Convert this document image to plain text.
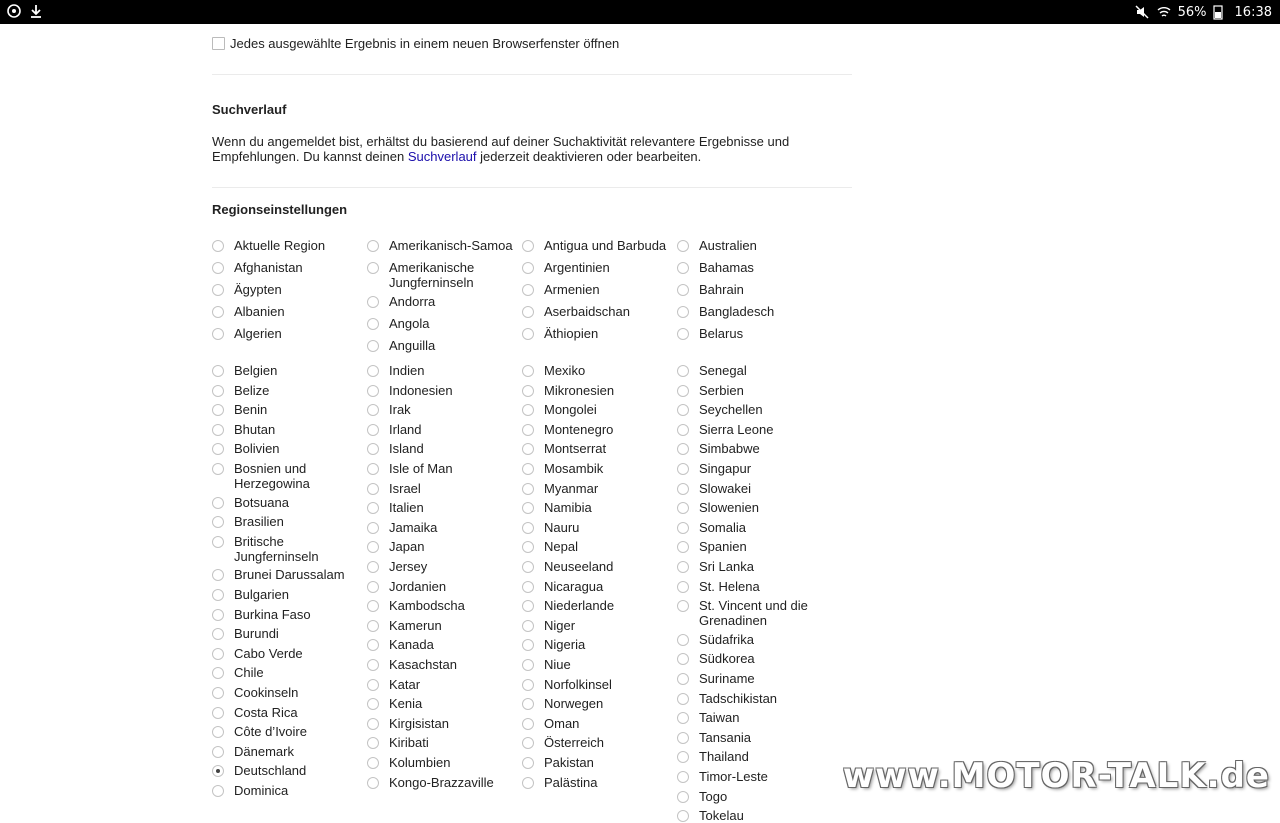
56% 16:38
Jedes ausgewählte Ergebnis in einem neuen Browserfenster öffnen
Suchverlauf
Wenn du angemeldet bist, erhältst du basierend auf deiner Suchaktivität relevantere Ergebnisse und Empfehlungen. Du kannst deinen Suchverlauf jederzeit deaktivieren oder bearbeiten.
Regionseinstellungen
Aktuelle Region
Afghanistan
Ägypten
Albanien
Algerien
Amerikanisch-Samoa
Amerikanische Jungferninseln
Andorra
Angola
Anguilla
Antigua und Barbuda
Argentinien
Armenien
Aserbaidschan
Äthiopien
Australien
Bahamas
Bahrain
Bangladesch
Belarus
Belgien
Belize
Benin
Bhutan
Bolivien
Bosnien und Herzegowina
Botsuana
Brasilien
Britische Jungferninseln
Brunei Darussalam
Bulgarien
Burkina Faso
Burundi
Cabo Verde
Chile
Cookinseln
Costa Rica
Côte d’Ivoire
Dänemark
Deutschland
Dominica
Indien
Indonesien
Irak
Irland
Island
Isle of Man
Israel
Italien
Jamaika
Japan
Jersey
Jordanien
Kambodscha
Kamerun
Kanada
Kasachstan
Katar
Kenia
Kirgisistan
Kiribati
Kolumbien
Kongo-Brazzaville
Mexiko
Mikronesien
Mongolei
Montenegro
Montserrat
Mosambik
Myanmar
Namibia
Nauru
Nepal
Neuseeland
Nicaragua
Niederlande
Niger
Nigeria
Niue
Norfolkinsel
Norwegen
Oman
Österreich
Pakistan
Palästina
Senegal
Serbien
Seychellen
Sierra Leone
Simbabwe
Singapur
Slowakei
Slowenien
Somalia
Spanien
Sri Lanka
St. Helena
St. Vincent und die Grenadinen
Südafrika
Südkorea
Suriname
Tadschikistan
Taiwan
Tansania
Thailand
Timor-Leste
Togo
Tokelau
www.MOTOR-TALK.de
